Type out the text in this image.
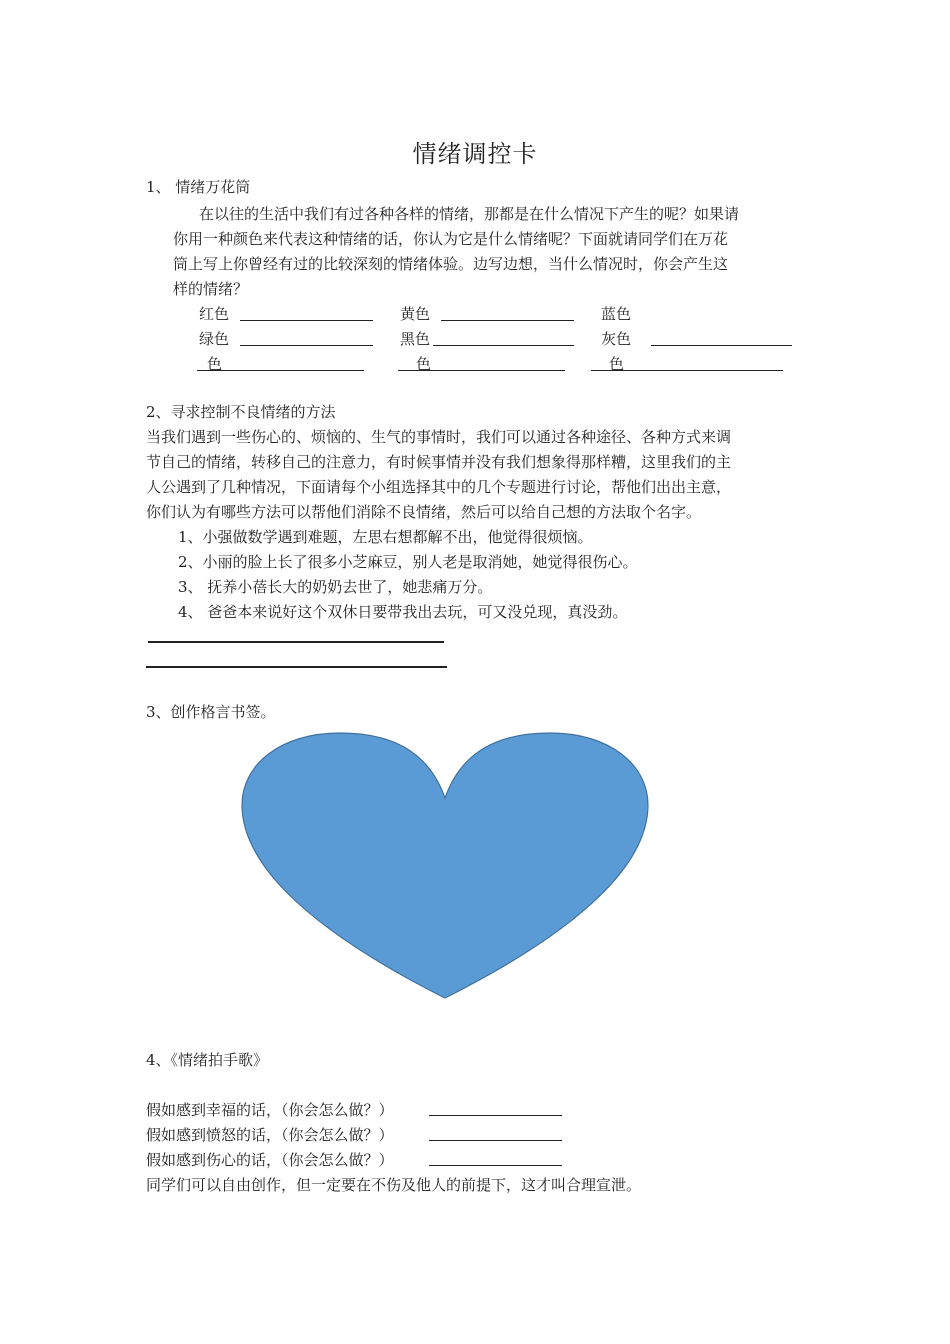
情绪调控卡
1、 情绪万花筒
在以往的生活中我们有过各种各样的情绪，那都是在什么情况下产生的呢？如果请
你用一种颜色来代表这种情绪的话，你认为它是什么情绪呢？下面就请同学们在万花
筒上写上你曾经有过的比较深刻的情绪体验。边写边想，当什么情况时，你会产生这
样的情绪？
红色	黄色	蓝色
绿色	黑色	灰色
色	色	色
2、寻求控制不良情绪的方法
当我们遇到一些伤心的、烦恼的、生气的事情时，我们可以通过各种途径、各种方式来调
节自己的情绪，转移自己的注意力，有时候事情并没有我们想象得那样糟，这里我们的主
人公遇到了几种情况，下面请每个小组选择其中的几个专题进行讨论，帮他们出出主意，
你们认为有哪些方法可以帮他们消除不良情绪，然后可以给自己想的方法取个名字。
1、小强做数学遇到难题，左思右想都解不出，他觉得很烦恼。
2、小丽的脸上长了很多小芝麻豆，别人老是取消她，她觉得很伤心。
3、 抚养小蓓长大的奶奶去世了，她悲痛万分。
4、 爸爸本来说好这个双休日要带我出去玩，可又没兑现，真没劲。
3、创作格言书签。
4、《情绪拍手歌》
假如感到幸福的话，（你会怎么做？）
假如感到愤怒的话，（你会怎么做？）
假如感到伤心的话，（你会怎么做？）
同学们可以自由创作，但一定要在不伤及他人的前提下，这才叫合理宣泄。
